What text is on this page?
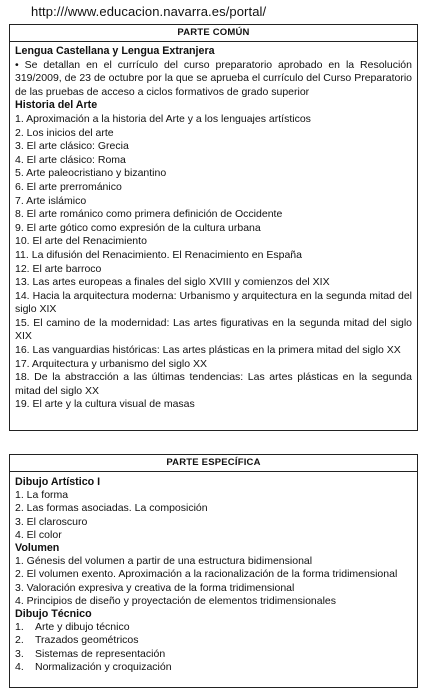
http:///www.educacion.navarra.es/portal/
PARTE COMÚN
Lengua Castellana y Lengua Extranjera
• Se detallan en el currículo del curso preparatorio aprobado en la Resolución 319/2009, de 23 de octubre por la que se aprueba el currículo del Curso Preparatorio de las pruebas de acceso a ciclos formativos de grado superior
Historia del Arte
1. Aproximación a la historia del Arte y a los lenguajes artísticos
2. Los inicios del arte
3. El arte clásico: Grecia
4. El arte clásico: Roma
5. Arte paleocristiano y bizantino
6. El arte prerrománico
7. Arte islámico
8. El arte románico como primera definición de Occidente
9. El arte gótico como expresión de la cultura urbana
10. El arte del Renacimiento
11. La difusión del Renacimiento. El Renacimiento en España
12. El arte barroco
13. Las artes europeas a finales del siglo XVIII y comienzos del XIX
14. Hacia la arquitectura moderna: Urbanismo y arquitectura en la segunda mitad del siglo XIX
15. El camino de la modernidad: Las artes figurativas en la segunda mitad del siglo XIX
16. Las vanguardias históricas: Las artes plásticas en la primera mitad del siglo XX
17. Arquitectura y urbanismo del siglo XX
18. De la abstracción a las últimas tendencias: Las artes plásticas en la segunda mitad del siglo XX
19. El arte y la cultura visual de masas
PARTE ESPECÍFICA
Dibujo Artístico I
1. La forma
2. Las formas asociadas. La composición
3. El claroscuro
4. El color
Volumen
1. Génesis del volumen a partir de una estructura bidimensional
2. El volumen exento. Aproximación a la racionalización de la forma tridimensional
3. Valoración expresiva y creativa de la forma tridimensional
4. Principios de diseño y proyectación de elementos tridimensionales
Dibujo Técnico
1. Arte y dibujo técnico
2. Trazados geométricos
3. Sistemas de representación
4. Normalización y croquización
